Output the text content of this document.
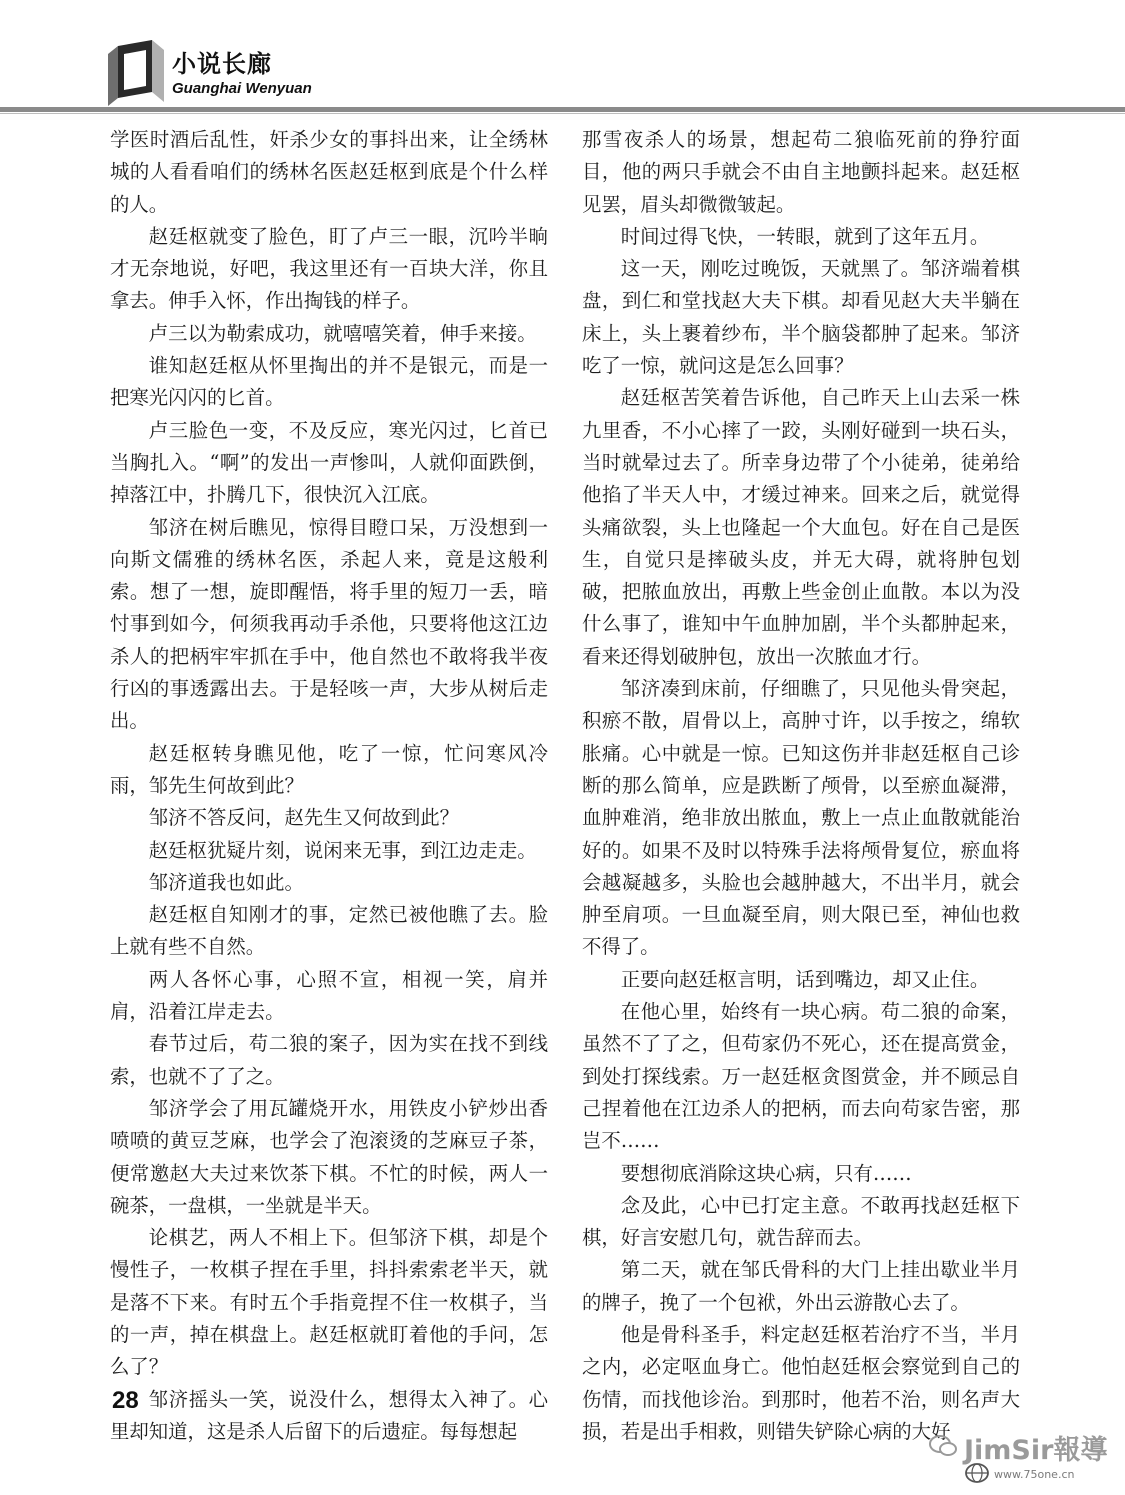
小说长廊
Guanghai Wenyuan

学医时酒后乱性，奸杀少女的事抖出来，让全绣林城的人看看咱们的绣林名医赵廷枢到底是个什么样的人。

赵廷枢就变了脸色，盯了卢三一眼，沉吟半晌才无奈地说，好吧，我这里还有一百块大洋，你且拿去。伸手入怀，作出掏钱的样子。

卢三以为勒索成功，就嘻嘻笑着，伸手来接。

谁知赵廷枢从怀里掏出的并不是银元，而是一把寒光闪闪的匕首。

卢三脸色一变，不及反应，寒光闪过，匕首已当胸扎入。“啊”的发出一声惨叫，人就仰面跌倒，掉落江中，扑腾几下，很快沉入江底。

邹济在树后瞧见，惊得目瞪口呆，万没想到一向斯文儒雅的绣林名医，杀起人来，竟是这般利索。想了一想，旋即醒悟，将手里的短刀一丢，暗忖事到如今，何须我再动手杀他，只要将他这江边杀人的把柄牢牢抓在手中，他自然也不敢将我半夜行凶的事透露出去。于是轻咳一声，大步从树后走出。

赵廷枢转身瞧见他，吃了一惊，忙问寒风冷雨，邹先生何故到此？

邹济不答反问，赵先生又何故到此？

赵廷枢犹疑片刻，说闲来无事，到江边走走。

邹济道我也如此。

赵廷枢自知刚才的事，定然已被他瞧了去。脸上就有些不自然。

两人各怀心事，心照不宣，相视一笑，肩并肩，沿着江岸走去。

春节过后，苟二狼的案子，因为实在找不到线索，也就不了了之。

邹济学会了用瓦罐烧开水，用铁皮小铲炒出香喷喷的黄豆芝麻，也学会了泡滚烫的芝麻豆子茶，便常邀赵大夫过来饮茶下棋。不忙的时候，两人一碗茶，一盘棋，一坐就是半天。

论棋艺，两人不相上下。但邹济下棋，却是个慢性子，一枚棋子捏在手里，抖抖索索老半天，就是落不下来。有时五个手指竟捏不住一枚棋子，当的一声，掉在棋盘上。赵廷枢就盯着他的手问，怎么了？

邹济摇头一笑，说没什么，想得太入神了。心里却知道，这是杀人后留下的后遗症。每每想起

那雪夜杀人的场景，想起苟二狼临死前的狰狞面目，他的两只手就会不由自主地颤抖起来。赵廷枢见罢，眉头却微微皱起。

时间过得飞快，一转眼，就到了这年五月。

这一天，刚吃过晚饭，天就黑了。邹济端着棋盘，到仁和堂找赵大夫下棋。却看见赵大夫半躺在床上，头上裹着纱布，半个脑袋都肿了起来。邹济吃了一惊，就问这是怎么回事？

赵廷枢苦笑着告诉他，自己昨天上山去采一株九里香，不小心摔了一跤，头刚好碰到一块石头，当时就晕过去了。所幸身边带了个小徒弟，徒弟给他掐了半天人中，才缓过神来。回来之后，就觉得头痛欲裂，头上也隆起一个大血包。好在自己是医生，自觉只是摔破头皮，并无大碍，就将肿包划破，把脓血放出，再敷上些金创止血散。本以为没什么事了，谁知中午血肿加剧，半个头都肿起来，看来还得划破肿包，放出一次脓血才行。

邹济凑到床前，仔细瞧了，只见他头骨突起，积瘀不散，眉骨以上，高肿寸许，以手按之，绵软胀痛。心中就是一惊。已知这伤并非赵廷枢自己诊断的那么简单，应是跌断了颅骨，以至瘀血凝滞，血肿难消，绝非放出脓血，敷上一点止血散就能治好的。如果不及时以特殊手法将颅骨复位，瘀血将会越凝越多，头脸也会越肿越大，不出半月，就会肿至肩项。一旦血凝至肩，则大限已至，神仙也救不得了。

正要向赵廷枢言明，话到嘴边，却又止住。

在他心里，始终有一块心病。苟二狼的命案，虽然不了了之，但苟家仍不死心，还在提高赏金，到处打探线索。万一赵廷枢贪图赏金，并不顾忌自己捏着他在江边杀人的把柄，而去向苟家告密，那岂不……

要想彻底消除这块心病，只有……

念及此，心中已打定主意。不敢再找赵廷枢下棋，好言安慰几句，就告辞而去。

第二天，就在邹氏骨科的大门上挂出歇业半月的牌子，挽了一个包袱，外出云游散心去了。

他是骨科圣手，料定赵廷枢若治疗不当，半月之内，必定呕血身亡。他怕赵廷枢会察觉到自己的伤情，而找他诊治。到那时，他若不治，则名声大损，若是出手相救，则错失铲除心病的大好

28
JimSir報導
www.75one.cn
